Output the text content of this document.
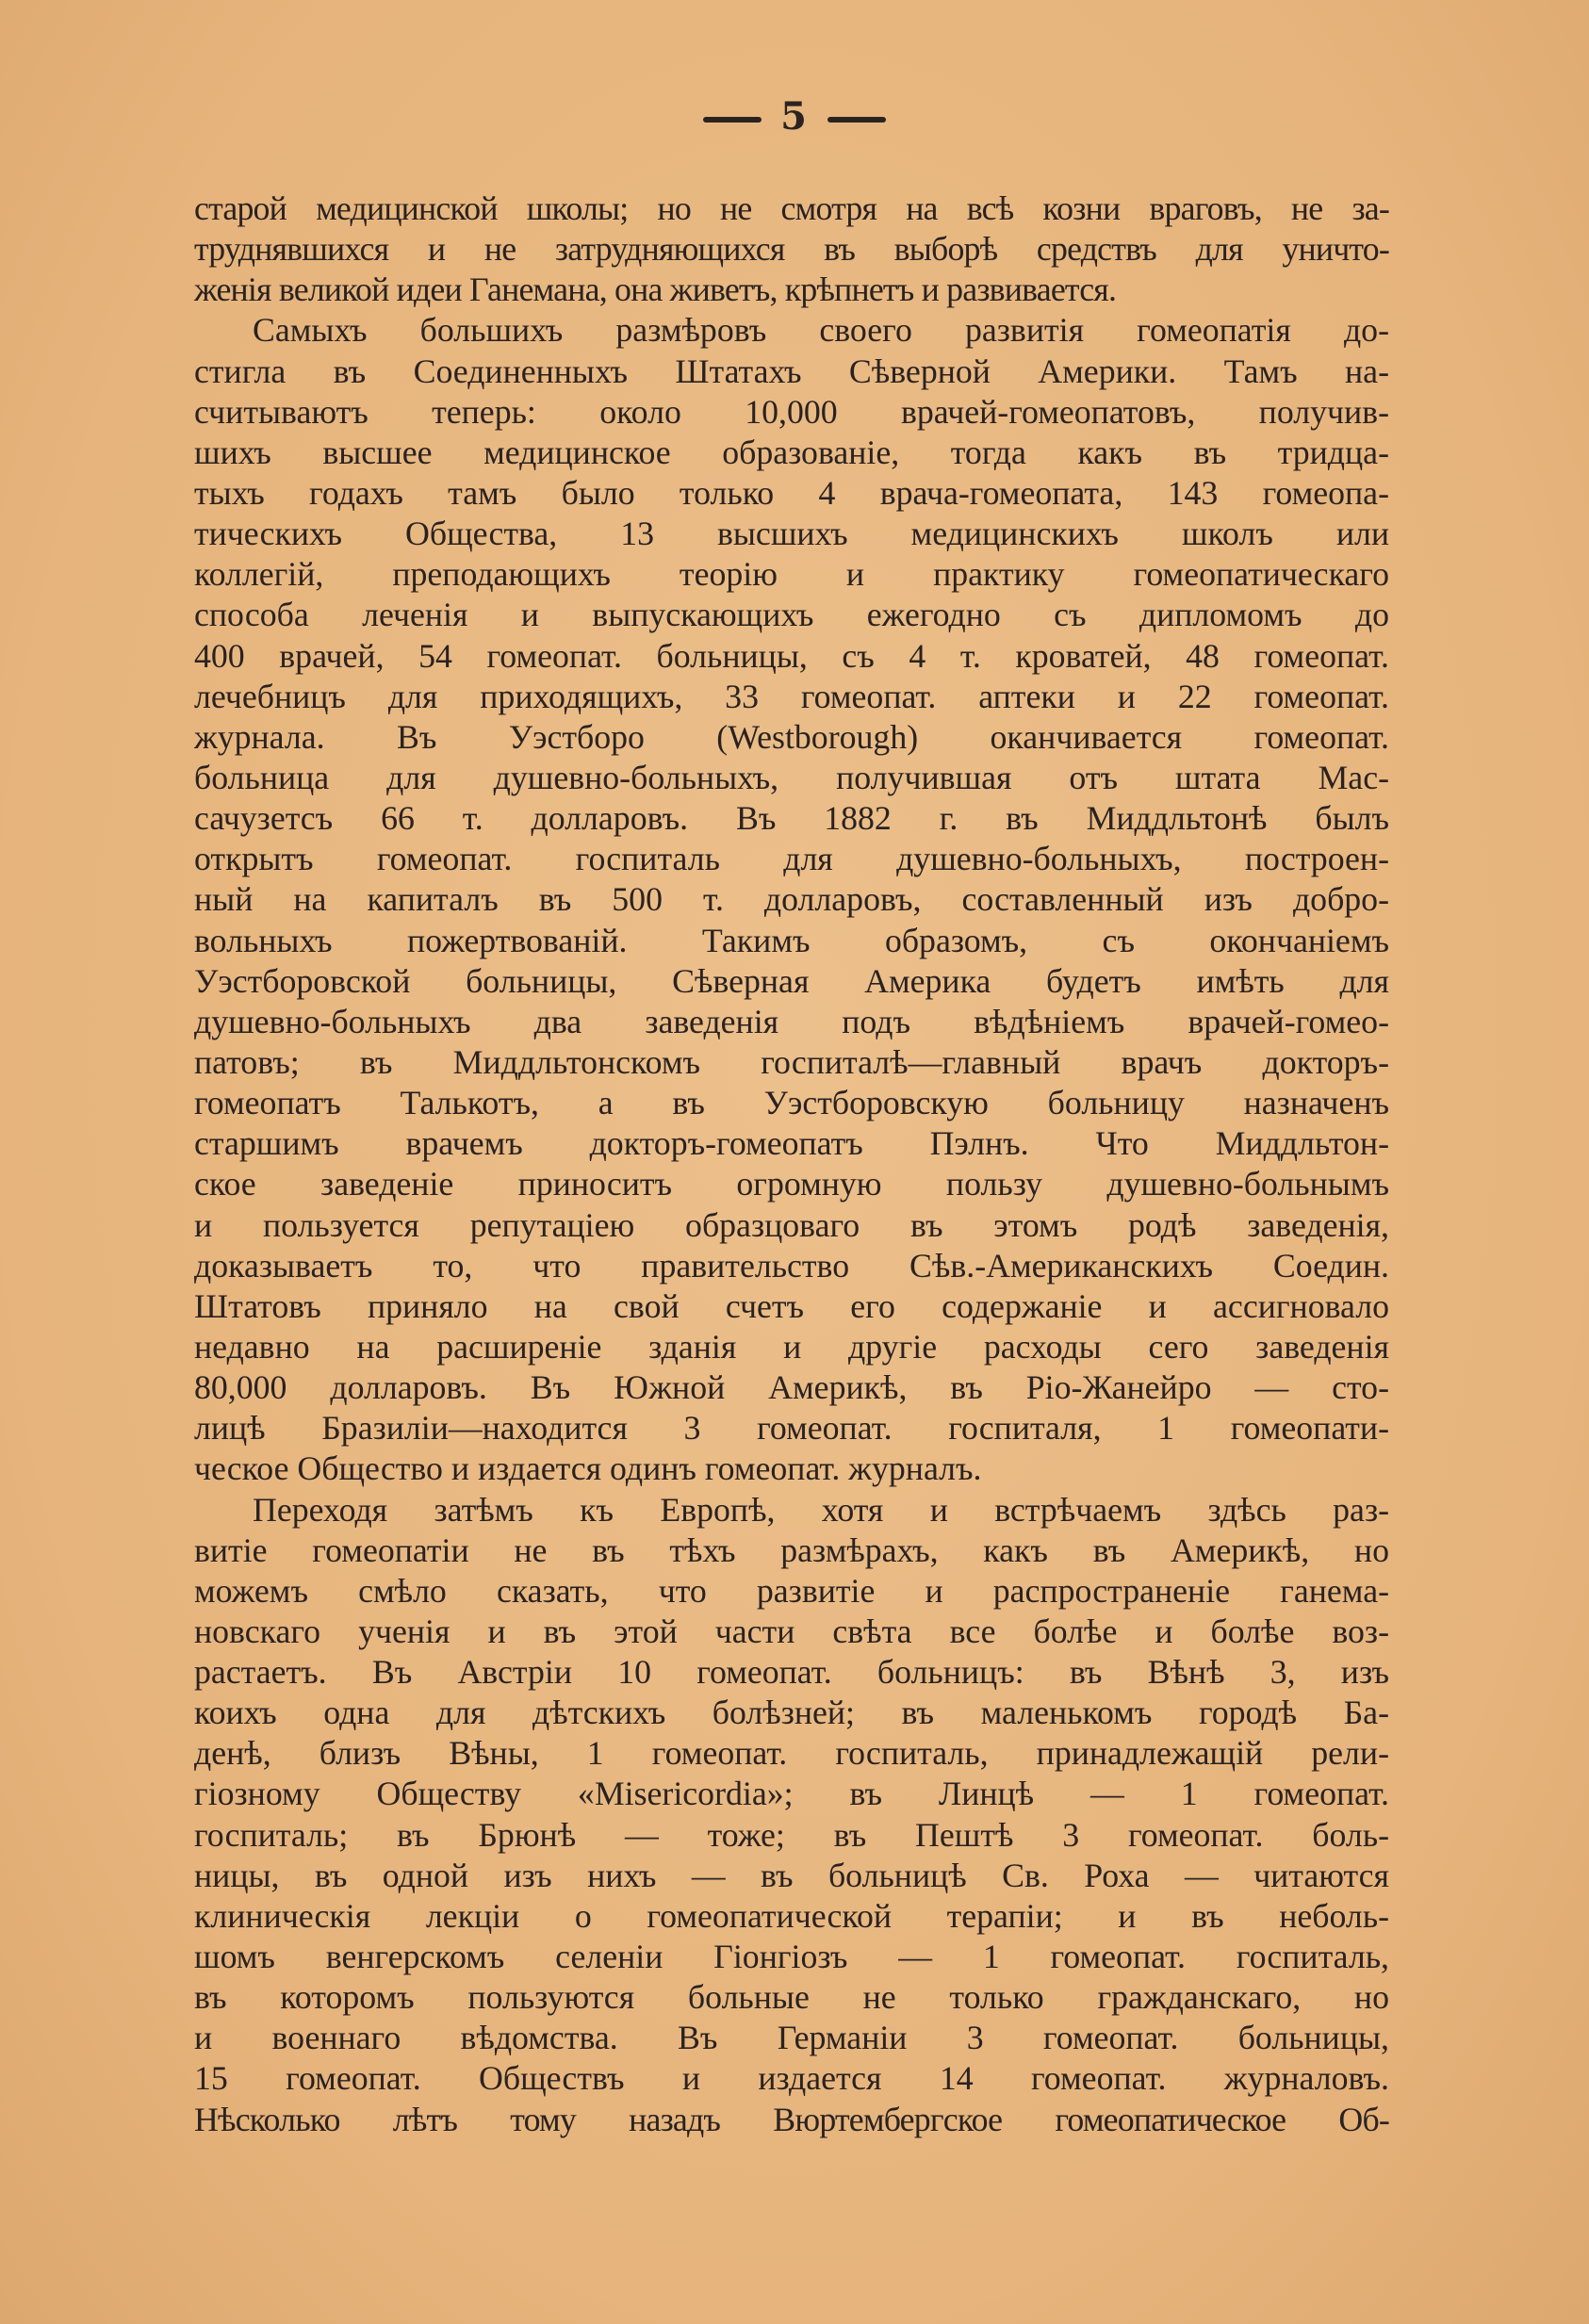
5
старой медицинской школы; но не смотря на всѣ козни враговъ, не за-
труднявшихся и не затрудняющихся въ выборѣ средствъ для уничто-
женія великой идеи Ганемана, она живетъ, крѣпнетъ и развивается.
Самыхъ большихъ размѣровъ своего развитія гомеопатія до-
стигла въ Соединенныхъ Штатахъ Сѣверной Америки. Тамъ на-
считываютъ теперь: около 10,000 врачей-гомеопатовъ, получив-
шихъ высшее медицинское образованіе, тогда какъ въ тридца-
тыхъ годахъ тамъ было только 4 врача-гомеопата, 143 гомеопа-
тическихъ Общества, 13 высшихъ медицинскихъ школъ или
коллегій, преподающихъ теорію и практику гомеопатическаго
способа леченія и выпускающихъ ежегодно съ дипломомъ до
400 врачей, 54 гомеопат. больницы, съ 4 т. кроватей, 48 гомеопат.
лечебницъ для приходящихъ, 33 гомеопат. аптеки и 22 гомеопат.
журнала. Въ Уэстборо (Westborough) оканчивается гомеопат.
больница для душевно-больныхъ, получившая отъ штата Мас-
сачузетсъ 66 т. долларовъ. Въ 1882 г. въ Миддльтонѣ былъ
открытъ гомеопат. госпиталь для душевно-больныхъ, построен-
ный на капиталъ въ 500 т. долларовъ, составленный изъ добро-
вольныхъ пожертвованій. Такимъ образомъ, съ окончаніемъ
Уэстборовской больницы, Сѣверная Америка будетъ имѣть для
душевно-больныхъ два заведенія подъ вѣдѣніемъ врачей-гомео-
патовъ; въ Миддльтонскомъ госпиталѣ—главный врачъ докторъ-
гомеопатъ Талькотъ, а въ Уэстборовскую больницу назначенъ
старшимъ врачемъ докторъ-гомеопатъ Пэлнъ. Что Миддльтон-
ское заведеніе приноситъ огромную пользу душевно-больнымъ
и пользуется репутаціею образцоваго въ этомъ родѣ заведенія,
доказываетъ то, что правительство Сѣв.-Американскихъ Соедин.
Штатовъ приняло на свой счетъ его содержаніе и ассигновало
недавно на расширеніе зданія и другіе расходы сего заведенія
80,000 долларовъ. Въ Южной Америкѣ, въ Ріо-Жанейро — сто-
лицѣ Бразиліи—находится 3 гомеопат. госпиталя, 1 гомеопати-
ческое Общество и издается одинъ гомеопат. журналъ.
Переходя затѣмъ къ Европѣ, хотя и встрѣчаемъ здѣсь раз-
витіе гомеопатіи не въ тѣхъ размѣрахъ, какъ въ Америкѣ, но
можемъ смѣло сказать, что развитіе и распространеніе ганема-
новскаго ученія и въ этой части свѣта все болѣе и болѣе воз-
растаетъ. Въ Австріи 10 гомеопат. больницъ: въ Вѣнѣ 3, изъ
коихъ одна для дѣтскихъ болѣзней; въ маленькомъ городѣ Ба-
денѣ, близъ Вѣны, 1 гомеопат. госпиталь, принадлежащій рели-
гіозному Обществу «Misericordia»; въ Линцѣ — 1 гомеопат.
госпиталь; въ Брюнѣ — тоже; въ Пештѣ 3 гомеопат. боль-
ницы, въ одной изъ нихъ — въ больницѣ Св. Роха — читаются
клиническія лекціи о гомеопатической терапіи; и въ неболь-
шомъ венгерскомъ селеніи Гіонгіозъ — 1 гомеопат. госпиталь,
въ которомъ пользуются больные не только гражданскаго, но
и военнаго вѣдомства. Въ Германіи 3 гомеопат. больницы,
15 гомеопат. Обществъ и издается 14 гомеопат. журналовъ.
Нѣсколько лѣтъ тому назадъ Вюртембергское гомеопатическое Об-
